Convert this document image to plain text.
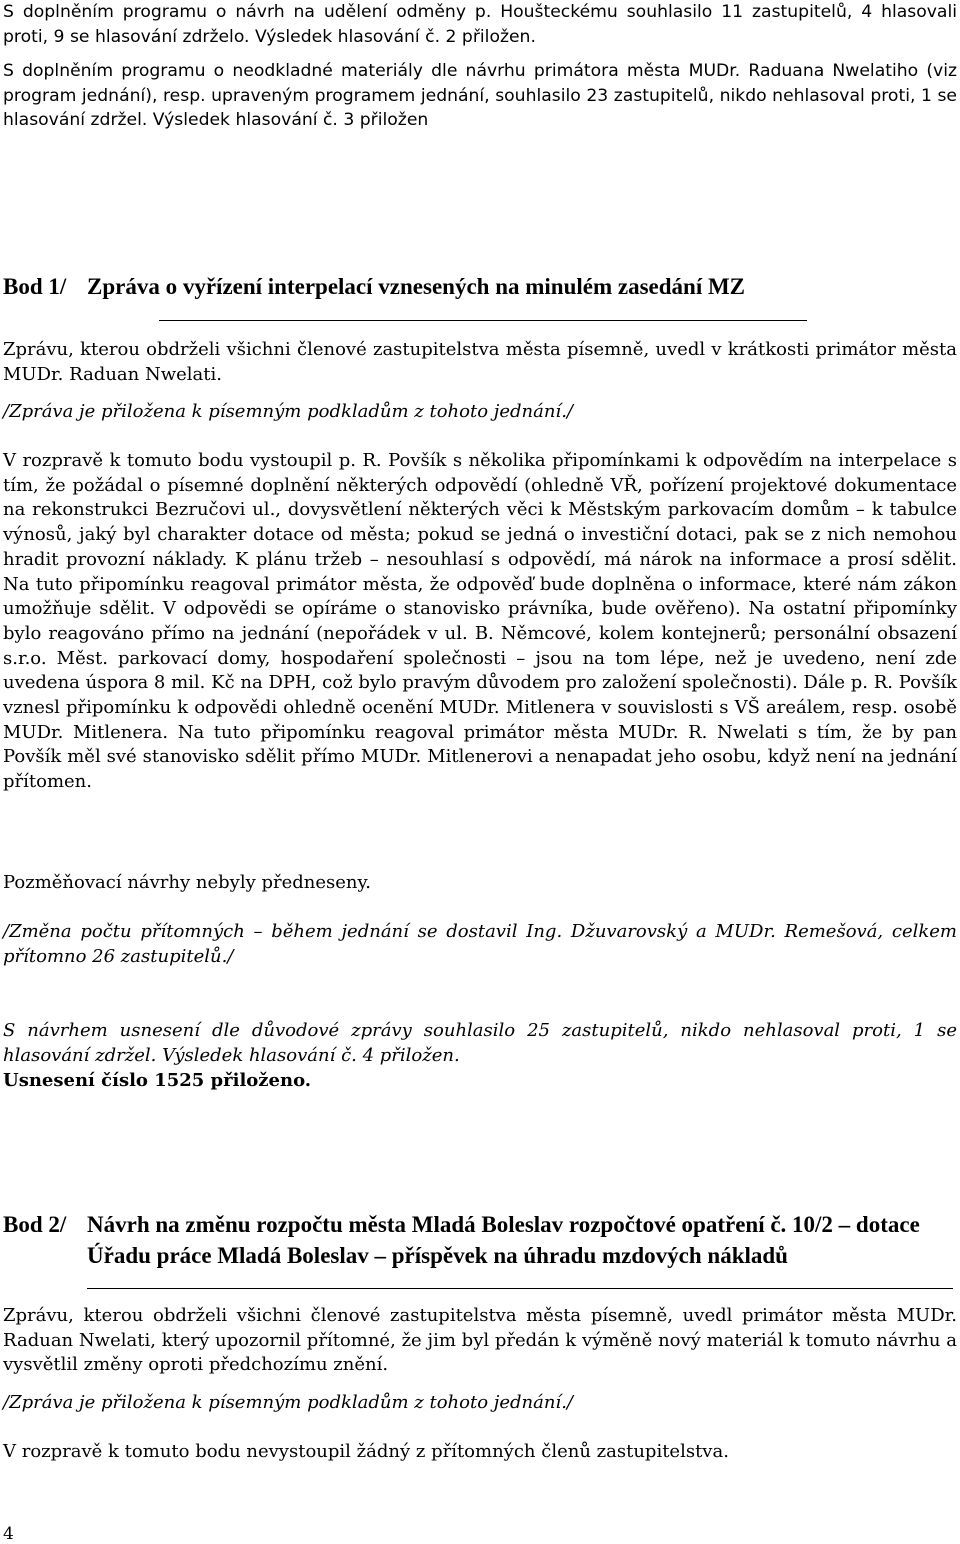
S doplněním programu o návrh na udělení odměny p. Houšteckému souhlasilo 11 zastupitelů, 4 hlasovali proti, 9 se hlasování zdrželo. Výsledek hlasování č. 2 přiložen.
S doplněním programu o neodkladné materiály dle návrhu primátora města MUDr. Raduana Nwelatiho (viz program jednání), resp. upraveným programem jednání, souhlasilo 23 zastupitelů, nikdo nehlasoval proti, 1 se hlasování zdržel. Výsledek hlasování č. 3 přiložen
Bod 1/ Zpráva o vyřízení interpelací vznesených na minulém zasedání MZ
Zprávu, kterou obdrželi všichni členové zastupitelstva města písemně, uvedl v krátkosti primátor města MUDr. Raduan Nwelati.
/Zpráva je přiložena k písemným podkladům z tohoto jednání./
V rozpravě k tomuto bodu vystoupil p. R. Povšík s několika připomínkami k odpovědím na interpelace s tím, že požádal o písemné doplnění některých odpovědí (ohledně VŘ, pořízení projektové dokumentace na rekonstrukci Bezručovi ul., dovysvětlení některých věci k Městským parkovacím domům – k tabulce výnosů, jaký byl charakter dotace od města; pokud se jedná o investiční dotaci, pak se z nich nemohou hradit provozní náklady. K plánu tržeb – nesouhlasí s odpovědí, má nárok na informace a prosí sdělit. Na tuto připomínku reagoval primátor města, že odpověď bude doplněna o informace, které nám zákon umožňuje sdělit. V odpovědi se opíráme o stanovisko právníka, bude ověřeno). Na ostatní připomínky bylo reagováno přímo na jednání (nepořádek v ul. B. Němcové, kolem kontejnerů; personální obsazení s.r.o. Měst. parkovací domy, hospodaření společnosti – jsou na tom lépe, než je uvedeno, není zde uvedena úspora 8 mil. Kč na DPH, což bylo pravým důvodem pro založení společnosti). Dále p. R. Povšík vznesl připomínku k odpovědi ohledně ocenění MUDr. Mitlenera v souvislosti s VŠ areálem, resp. osobě MUDr. Mitlenera. Na tuto připomínku reagoval primátor města MUDr. R. Nwelati s tím, že by pan Povšík měl své stanovisko sdělit přímo MUDr. Mitlenerovi a nenapadat jeho osobu, když není na jednání přítomen.
Pozměňovací návrhy nebyly předneseny.
/Změna počtu přítomných – během jednání se dostavil Ing. Džuvarovský a MUDr. Remešová, celkem přítomno 26 zastupitelů./
S návrhem usnesení dle důvodové zprávy souhlasilo 25 zastupitelů, nikdo nehlasoval proti, 1 se hlasování zdržel. Výsledek hlasování č. 4 přiložen.
Usnesení číslo 1525 přiloženo.
Bod 2/ Návrh na změnu rozpočtu města Mladá Boleslav rozpočtové opatření č. 10/2 – dotace Úřadu práce Mladá Boleslav – příspěvek na úhradu mzdových nákladů
Zprávu, kterou obdrželi všichni členové zastupitelstva města písemně, uvedl primátor města MUDr. Raduan Nwelati, který upozornil přítomné, že jim byl předán k výměně nový materiál k tomuto návrhu a vysvětlil změny oproti předchozímu znění.
/Zpráva je přiložena k písemným podkladům z tohoto jednání./
V rozpravě k tomuto bodu nevystoupil žádný z přítomných členů zastupitelstva.
4
